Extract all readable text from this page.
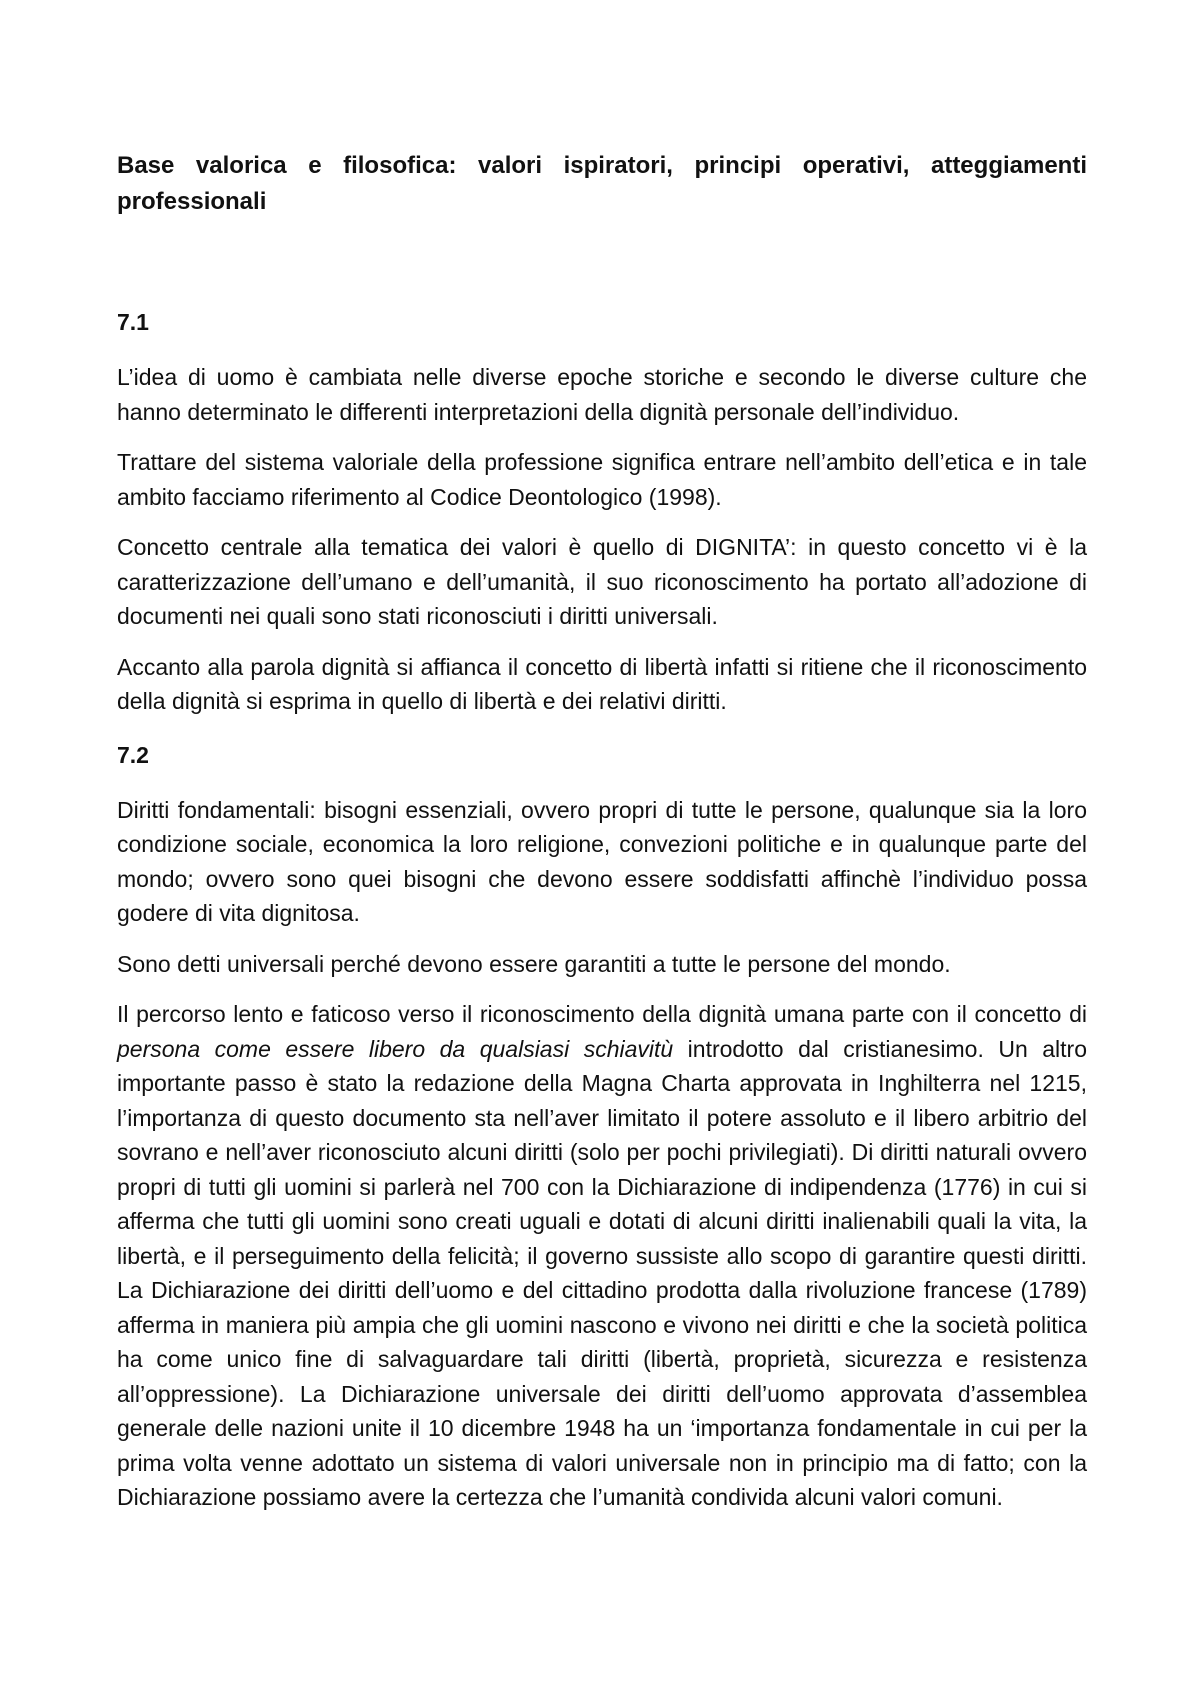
Base valorica e filosofica: valori ispiratori, principi operativi, atteggiamenti professionali
7.1

L’idea di uomo è cambiata nelle diverse epoche storiche e secondo le diverse culture che hanno determinato le differenti interpretazioni della dignità personale dell’individuo.

Trattare del sistema valoriale della professione significa entrare nell’ambito dell’etica e in tale ambito facciamo riferimento al Codice Deontologico (1998).

Concetto centrale alla tematica dei valori è quello di DIGNITA’: in questo concetto vi è la caratterizzazione dell’umano e dell’umanità, il suo riconoscimento ha portato all’adozione di documenti nei quali sono stati riconosciuti i diritti universali.

Accanto alla parola dignità si affianca il concetto di libertà infatti si ritiene che il riconoscimento della dignità si esprima in quello di libertà e dei relativi diritti.

7.2

Diritti fondamentali: bisogni essenziali, ovvero propri di tutte le persone, qualunque sia la loro condizione sociale, economica la loro religione, convezioni politiche e in qualunque parte del mondo; ovvero sono quei bisogni che devono essere soddisfatti affinchè l’individuo possa godere di vita dignitosa.

Sono detti universali perché devono essere garantiti a tutte le persone del mondo.

Il percorso lento e faticoso verso il riconoscimento della dignità umana parte con il concetto di persona come essere libero da qualsiasi schiavitù introdotto dal cristianesimo. Un altro importante passo è stato la redazione della Magna Charta approvata in Inghilterra nel 1215, l’importanza di questo documento sta nell’aver limitato il potere assoluto e il libero arbitrio del sovrano e nell’aver riconosciuto alcuni diritti (solo per pochi privilegiati). Di diritti naturali ovvero propri di tutti gli uomini si parlerà nel 700 con la Dichiarazione di indipendenza (1776) in cui si afferma che tutti gli uomini sono creati uguali e dotati di alcuni diritti inalienabili quali la vita, la libertà, e il perseguimento della felicità; il governo sussiste allo scopo di garantire questi diritti. La Dichiarazione dei diritti dell’uomo e del cittadino prodotta dalla rivoluzione francese (1789) afferma in maniera più ampia che gli uomini nascono e vivono nei diritti e che la società politica ha come unico fine di salvaguardare tali diritti (libertà, proprietà, sicurezza e resistenza all’oppressione). La Dichiarazione universale dei diritti dell’uomo approvata d’assemblea generale delle nazioni unite il 10 dicembre 1948 ha un ‘importanza fondamentale in cui per la prima volta venne adottato un sistema di valori universale non in principio ma di fatto; con la Dichiarazione possiamo avere la certezza che l’umanità condivida alcuni valori comuni.
